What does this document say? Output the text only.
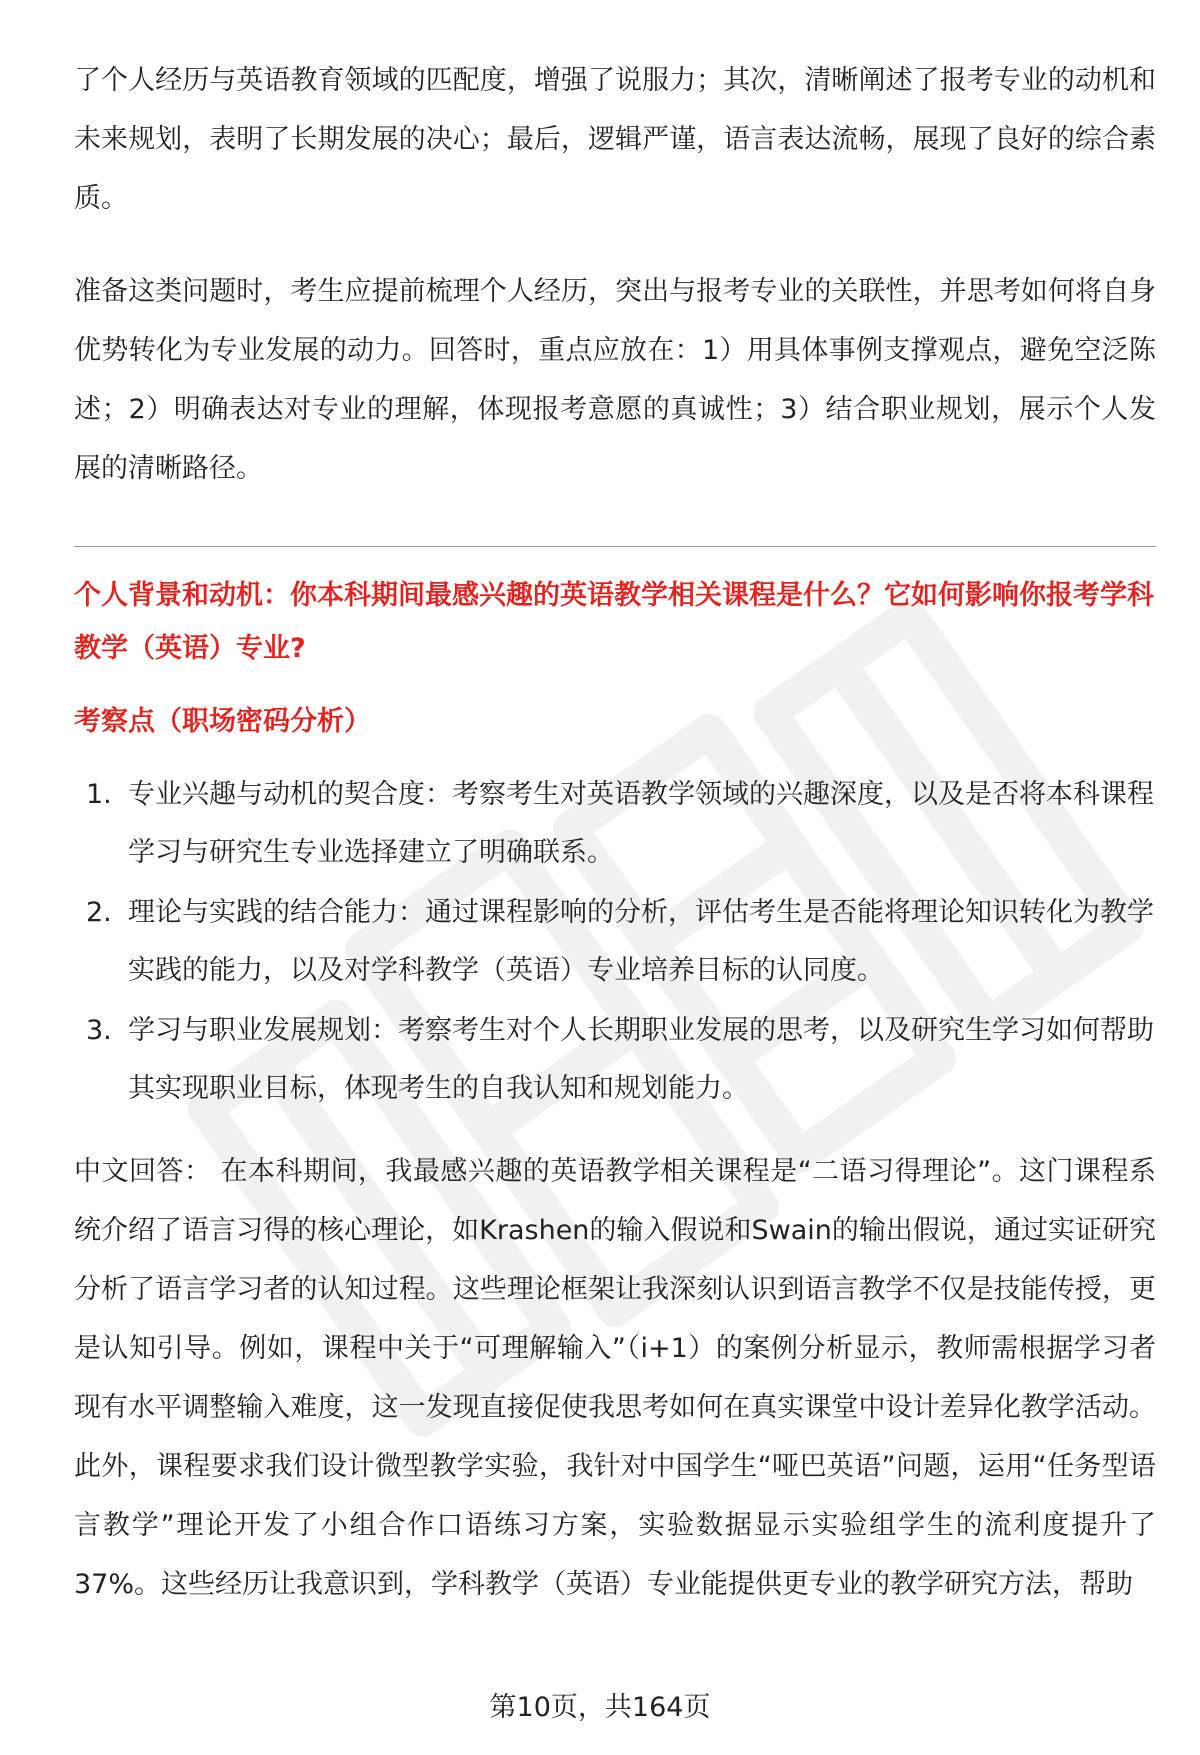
了个人经历与英语教育领域的匹配度，增强了说服力；其次，清晰阐述了报考专业的动机和未来规划，表明了长期发展的决心；最后，逻辑严谨，语言表达流畅，展现了良好的综合素质。

准备这类问题时，考生应提前梳理个人经历，突出与报考专业的关联性，并思考如何将自身优势转化为专业发展的动力。回答时，重点应放在：1）用具体事例支撑观点，避免空泛陈述；2）明确表达对专业的理解，体现报考意愿的真诚性；3）结合职业规划，展示个人发展的清晰路径。

个人背景和动机：你本科期间最感兴趣的英语教学相关课程是什么？它如何影响你报考学科教学（英语）专业?

考察点（职场密码分析）

1. 专业兴趣与动机的契合度：考察考生对英语教学领域的兴趣深度，以及是否将本科课程学习与研究生专业选择建立了明确联系。
2. 理论与实践的结合能力：通过课程影响的分析，评估考生是否能将理论知识转化为教学实践的能力，以及对学科教学（英语）专业培养目标的认同度。
3. 学习与职业发展规划：考察考生对个人长期职业发展的思考，以及研究生学习如何帮助其实现职业目标，体现考生的自我认知和规划能力。

中文回答： 在本科期间，我最感兴趣的英语教学相关课程是“二语习得理论”。这门课程系统介绍了语言习得的核心理论，如Krashen的输入假说和Swain的输出假说，通过实证研究分析了语言学习者的认知过程。这些理论框架让我深刻认识到语言教学不仅是技能传授，更是认知引导。例如，课程中关于“可理解输入”（i+1）的案例分析显示，教师需根据学习者现有水平调整输入难度，这一发现直接促使我思考如何在真实课堂中设计差异化教学活动。此外，课程要求我们设计微型教学实验，我针对中国学生“哑巴英语”问题，运用“任务型语言教学”理论开发了小组合作口语练习方案，实验数据显示实验组学生的流利度提升了37%。这些经历让我意识到，学科教学（英语）专业能提供更专业的教学研究方法，帮助

第10页，共164页
